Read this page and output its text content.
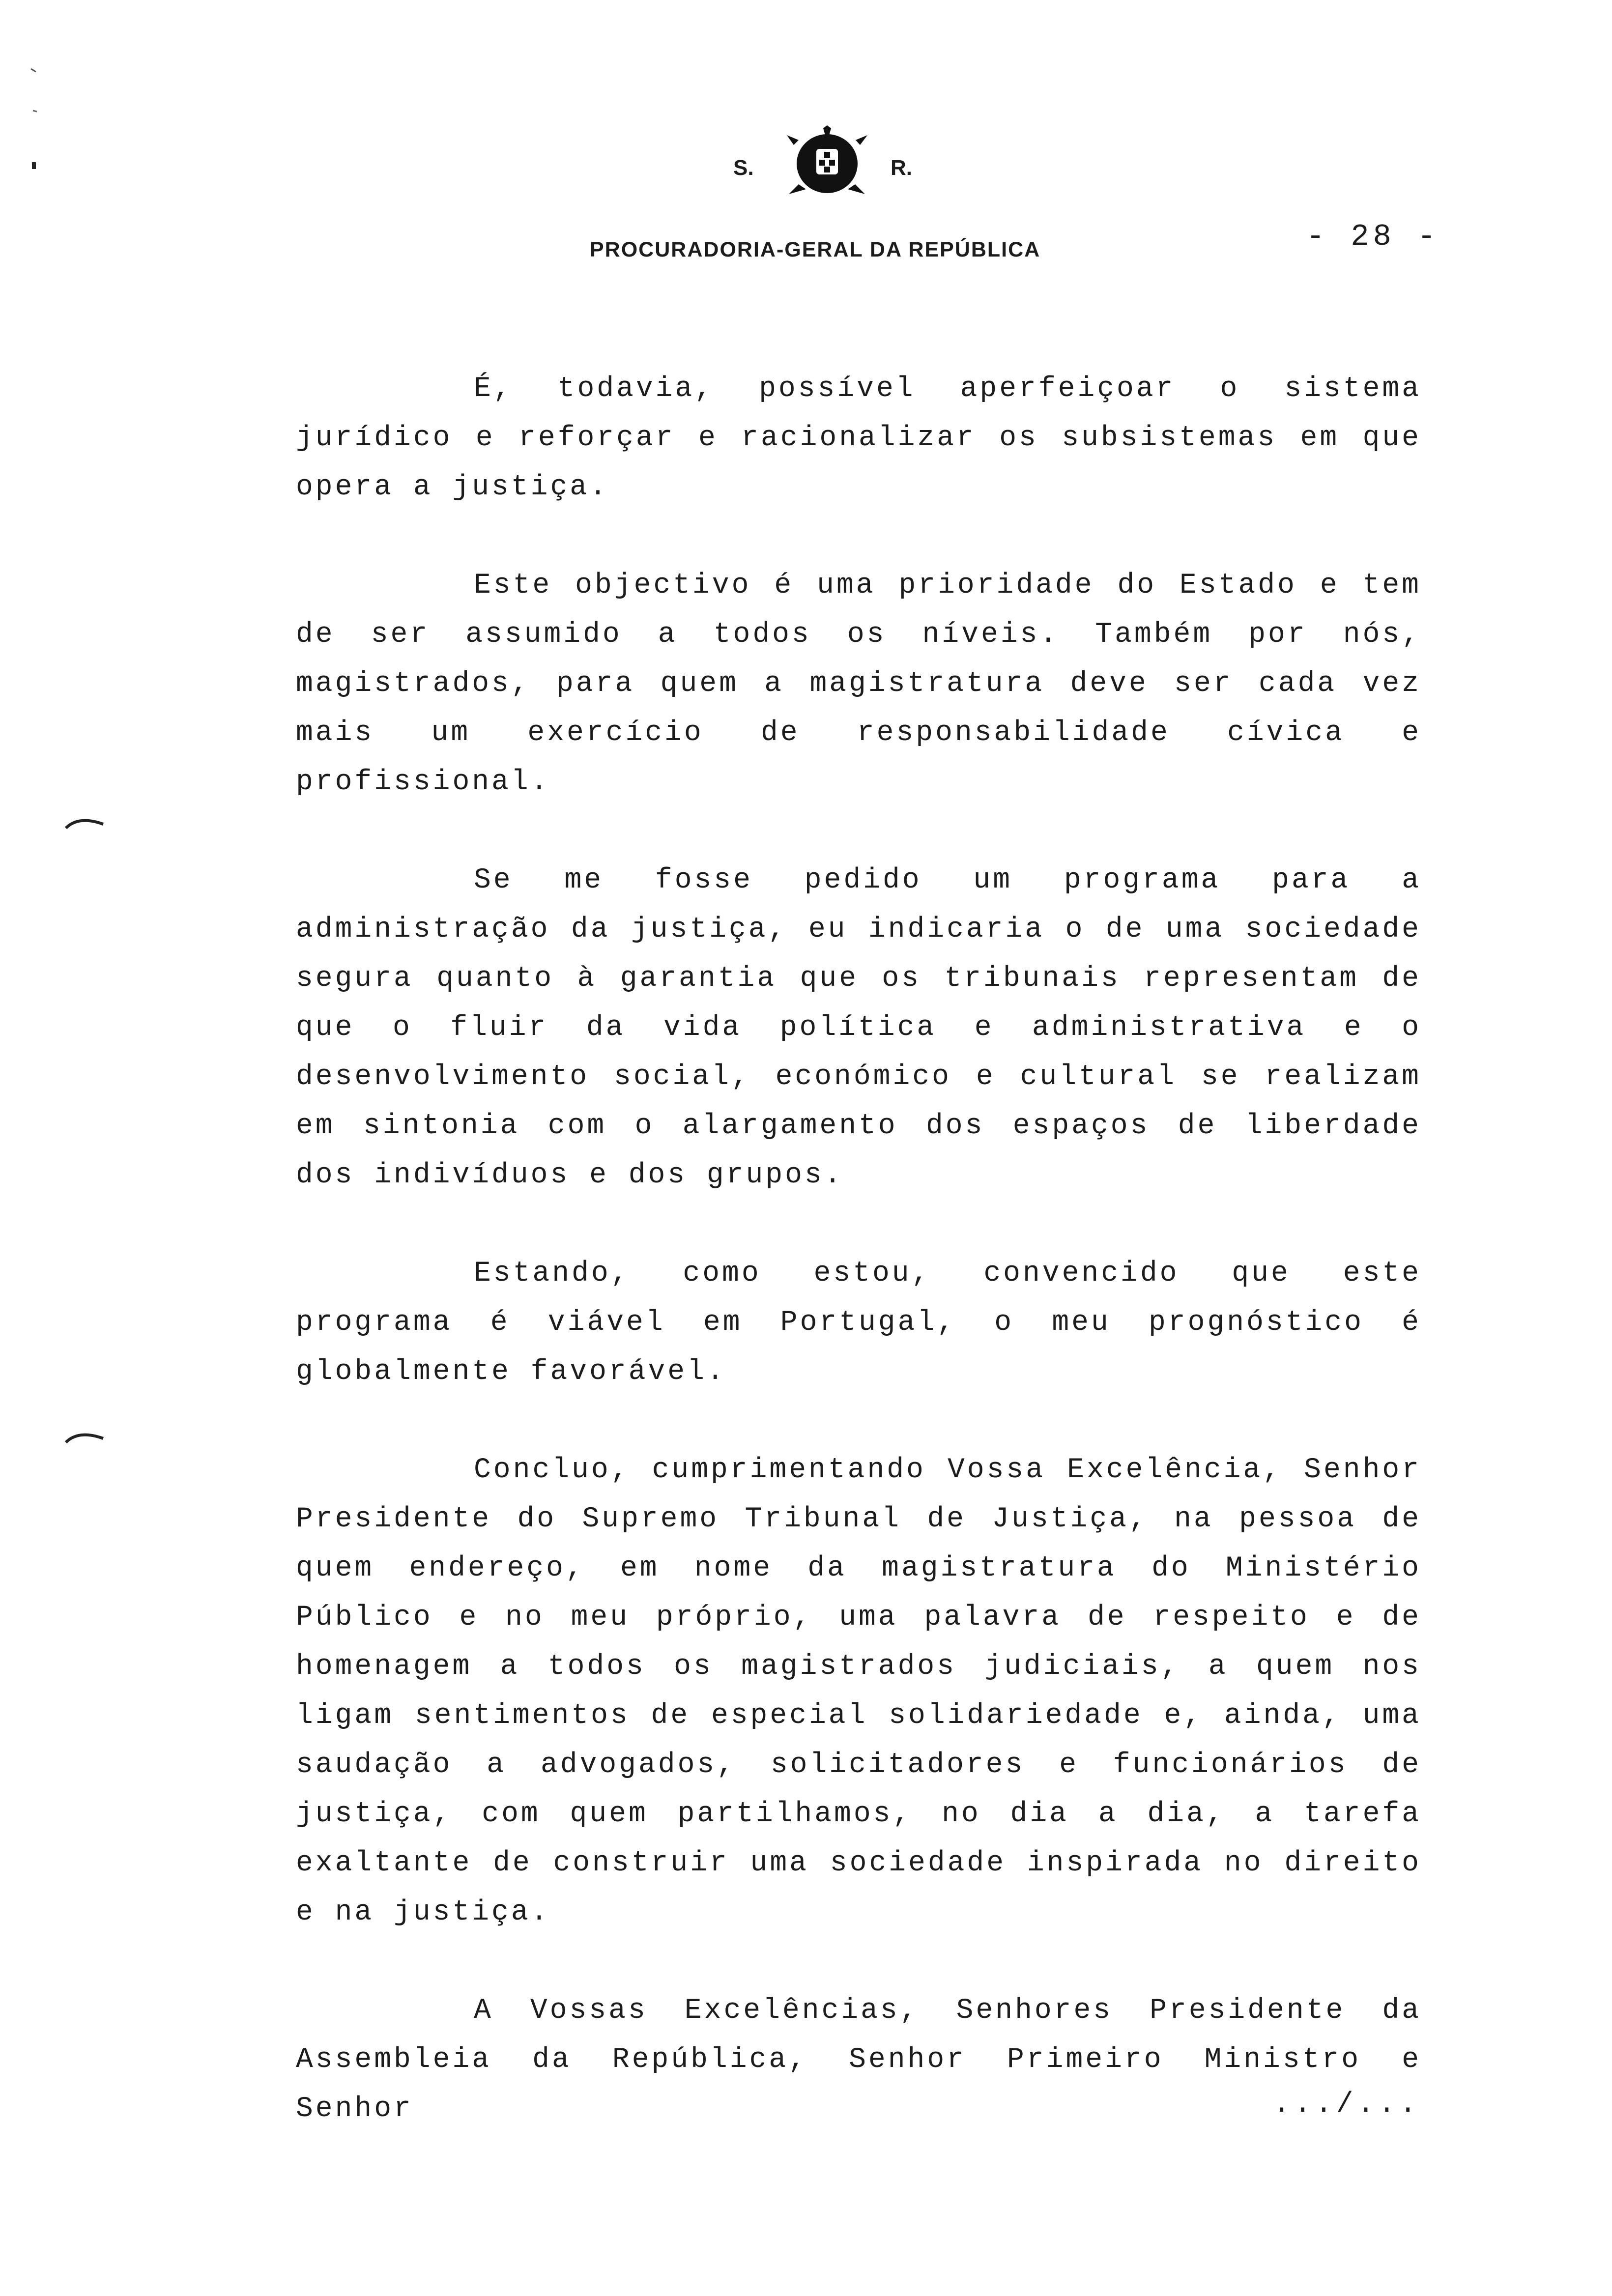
S.	R.
PROCURADORIA-GERAL DA REPÚBLICA	- 28 -

É, todavia, possível aperfeiçoar o sistema jurídico e reforçar e racionalizar os subsistemas em que opera a justiça.

Este objectivo é uma prioridade do Estado e tem de ser assumido a todos os níveis. Também por nós, magistrados, para quem a magistratura deve ser cada vez mais um exercício de responsabilidade cívica e profissional.

Se me fosse pedido um programa para a administração da justiça, eu indicaria o de uma sociedade segura quanto à garantia que os tribunais representam de que o fluir da vida política e administrativa e o desenvolvimento social, económico e cultural se realizam em sintonia com o alargamento dos espaços de liberdade dos indivíduos e dos grupos.

Estando, como estou, convencido que este programa é viável em Portugal, o meu prognóstico é globalmente favorável.

Concluo, cumprimentando Vossa Excelência, Senhor Presidente do Supremo Tribunal de Justiça, na pessoa de quem endereço, em nome da magistratura do Ministério Público e no meu próprio, uma palavra de respeito e de homenagem a todos os magistrados judiciais, a quem nos ligam sentimentos de especial solidariedade e, ainda, uma saudação a advogados, solicitadores e funcionários de justiça, com quem partilhamos, no dia a dia, a tarefa exaltante de construir uma sociedade inspirada no direito e na justiça.

A Vossas Excelências, Senhores Presidente da Assembleia da República, Senhor Primeiro Ministro e Senhor	.../...
